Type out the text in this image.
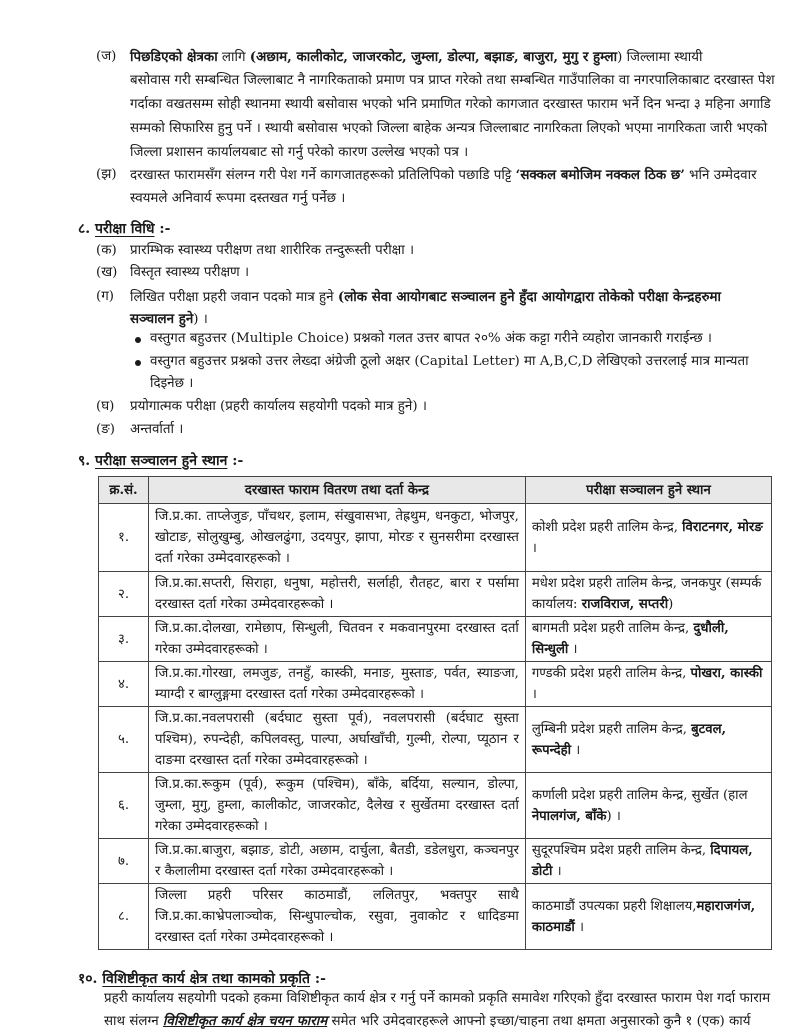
(ज) पिछडिएको क्षेत्रका लागि (अछाम, कालीकोट, जाजरकोट, जुम्ला, डोल्पा, बझाङ, बाजुरा, मुगु र हुम्ला) जिल्लामा स्थायी
बसोवास गरी सम्बन्धित जिल्लाबाट नै नागरिकताको प्रमाण पत्र प्राप्त गरेको तथा सम्बन्धित गाउँपालिका वा नगरपालिकाबाट दरखास्त पेश
गर्दाका वखतसम्म सोही स्थानमा स्थायी बसोवास भएको भनि प्रमाणित गरेको कागजात दरखास्त फाराम भर्ने दिन भन्दा ३ महिना अगाडि
सम्मको सिफारिस हुनु पर्ने । स्थायी बसोवास भएको जिल्ला बाहेक अन्यत्र जिल्लाबाट नागरिकता लिएको भएमा नागरिकता जारी भएको
जिल्ला प्रशासन कार्यालयबाट सो गर्नु परेको कारण उल्लेख भएको पत्र ।
(झ) दरखास्त फारामसँग संलग्न गरी पेश गर्ने कागजातहरूको प्रतिलिपिको पछाडि पट्टि ‘सक्कल बमोजिम नक्कल ठिक छ’ भनि उम्मेदवार
स्वयमले अनिवार्य रूपमा दस्तखत गर्नु पर्नेछ ।
८. परीक्षा विधि :-
(क) प्रारम्भिक स्वास्थ्य परीक्षण तथा शारीरिक तन्दुरूस्ती परीक्षा ।
(ख) विस्तृत स्वास्थ्य परीक्षण ।
(ग) लिखित परीक्षा प्रहरी जवान पदको मात्र हुने (लोक सेवा आयोगबाट सञ्चालन हुने हुँदा आयोगद्वारा तोकेको परीक्षा केन्द्रहरुमा
सञ्चालन हुने) ।
वस्तुगत बहुउत्तर (Multiple Choice) प्रश्नको गलत उत्तर बापत २०% अंक कट्टा गरीने व्यहोरा जानकारी गराईन्छ ।
वस्तुगत बहुउत्तर प्रश्नको उत्तर लेख्दा अंग्रेजी ठूलो अक्षर (Capital Letter) मा A,B,C,D लेखिएको उत्तरलाई मात्र मान्यता
दिइनेछ ।
(घ) प्रयोगात्मक परीक्षा (प्रहरी कार्यालय सहयोगी पदको मात्र हुने) ।
(ङ) अन्तर्वार्ता ।
९. परीक्षा सञ्चालन हुने स्थान :-
क्र.सं.	दरखास्त फाराम वितरण तथा दर्ता केन्द्र	परीक्षा सञ्चालन हुने स्थान
१.	जि.प्र.का. ताप्लेजुङ, पाँचथर, इलाम, संखुवासभा, तेह्रथुम, धनकुटा, भोजपुर, खोटाङ, सोलुखुम्बु, ओखलढुंगा, उदयपुर, झापा, मोरङ र सुनसरीमा दरखास्त दर्ता गरेका उम्मेदवारहरूको ।	कोशी प्रदेश प्रहरी तालिम केन्द्र, विराटनगर, मोरङ ।
२.	जि.प्र.का.सप्तरी, सिराहा, धनुषा, महोत्तरी, सर्लाही, रौतहट, बारा र पर्सामा दरखास्त दर्ता गरेका उम्मेदवारहरूको ।	मधेश प्रदेश प्रहरी तालिम केन्द्र, जनकपुर (सम्पर्क कार्यालय: राजविराज, सप्तरी)
३.	जि.प्र.का.दोलखा, रामेछाप, सिन्धुली, चितवन र मकवानपुरमा दरखास्त दर्ता गरेका उम्मेदवारहरूको ।	बागमती प्रदेश प्रहरी तालिम केन्द्र, दुधौली, सिन्धुली ।
४.	जि.प्र.का.गोरखा, लमजुङ, तनहुँ, कास्की, मनाङ, मुस्ताङ, पर्वत, स्याङजा, म्याग्दी र बाग्लुङ्गमा दरखास्त दर्ता गरेका उम्मेदवारहरूको ।	गण्डकी प्रदेश प्रहरी तालिम केन्द्र, पोखरा, कास्की ।
५.	जि.प्र.का.नवलपरासी (बर्दघाट सुस्ता पूर्व), नवलपरासी (बर्दघाट सुस्ता पश्चिम), रुपन्देही, कपिलवस्तु, पाल्पा, अर्घाखाँची, गुल्मी, रोल्पा, प्यूठान र दाङमा दरखास्त दर्ता गरेका उम्मेदवारहरूको ।	लुम्बिनी प्रदेश प्रहरी तालिम केन्द्र, बुटवल, रूपन्देही ।
६.	जि.प्र.का.रूकुम (पूर्व), रूकुम (पश्चिम), बाँके, बर्दिया, सल्यान, डोल्पा, जुम्ला, मुगु, हुम्ला, कालीकोट, जाजरकोट, दैलेख र सुर्खेतमा दरखास्त दर्ता गरेका उम्मेदवारहरूको ।	कर्णाली प्रदेश प्रहरी तालिम केन्द्र, सुर्खेत (हाल नेपालगंज, बाँके) ।
७.	जि.प्र.का.बाजुरा, बझाङ, डोटी, अछाम, दार्चुला, बैतडी, डडेलधुरा, कञ्चनपुर र कैलालीमा दरखास्त दर्ता गरेका उम्मेदवारहरूको ।	सुदूरपश्चिम प्रदेश प्रहरी तालिम केन्द्र, दिपायल, डोटी ।
८.	जिल्ला प्रहरी परिसर काठमाडौं, ललितपुर, भक्तपुर साथै जि.प्र.का.काभ्रेपलाञ्चोक, सिन्धुपाल्चोक, रसुवा, नुवाकोट र धादिङमा दरखास्त दर्ता गरेका उम्मेदवारहरूको ।	काठमाडौं उपत्यका प्रहरी शिक्षालय,महाराजगंज, काठमाडौं ।
१०. विशिष्टीकृत कार्य क्षेत्र तथा कामको प्रकृति :-
प्रहरी कार्यालय सहयोगी पदको हकमा विशिष्टीकृत कार्य क्षेत्र र गर्नु पर्ने कामको प्रकृति समावेश गरिएको हुँदा दरखास्त फाराम पेश गर्दा फाराम
साथ संलग्न विशिष्टीकृत कार्य क्षेत्र चयन फाराम समेत भरि उमेदवारहरूले आफ्नो इच्छा/चाहना तथा क्षमता अनुसारको कुनै १ (एक) कार्य
